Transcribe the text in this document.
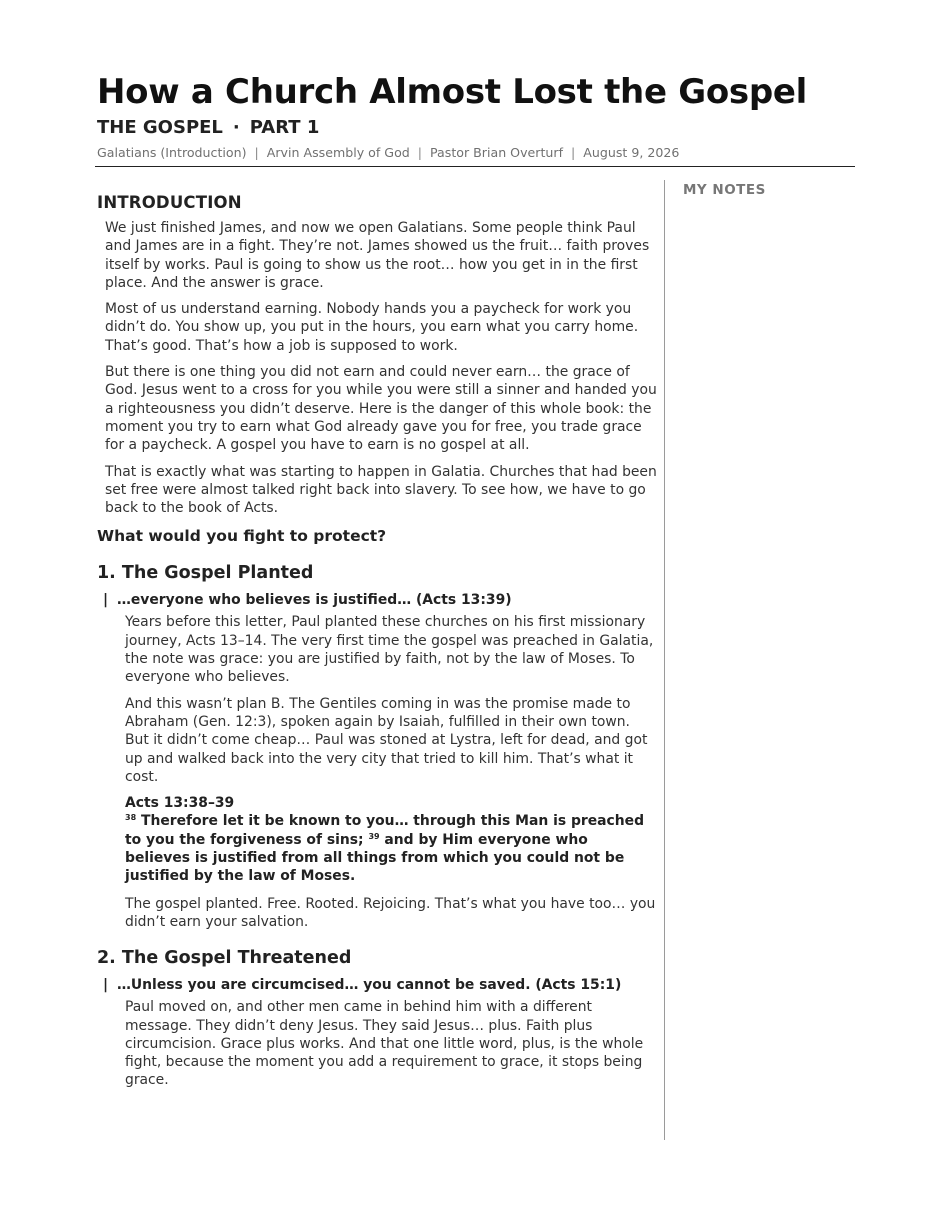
How a Church Almost Lost the Gospel
THE GOSPEL · PART 1
Galatians (Introduction) | Arvin Assembly of God | Pastor Brian Overturf | August 9, 2026
MY NOTES
INTRODUCTION

We just finished James, and now we open Galatians. Some people think Paul and James are in a fight. They’re not. James showed us the fruit… faith proves itself by works. Paul is going to show us the root… how you get in in the first place. And the answer is grace.

Most of us understand earning. Nobody hands you a paycheck for work you didn’t do. You show up, you put in the hours, you earn what you carry home. That’s good. That’s how a job is supposed to work.

But there is one thing you did not earn and could never earn… the grace of God. Jesus went to a cross for you while you were still a sinner and handed you a righteousness you didn’t deserve. Here is the danger of this whole book: the moment you try to earn what God already gave you for free, you trade grace for a paycheck. A gospel you have to earn is no gospel at all.

That is exactly what was starting to happen in Galatia. Churches that had been set free were almost talked right back into slavery. To see how, we have to go back to the book of Acts.

What would you fight to protect?
1. The Gospel Planted
| …everyone who believes is justified… (Acts 13:39)

Years before this letter, Paul planted these churches on his first missionary journey, Acts 13–14. The very first time the gospel was preached in Galatia, the note was grace: you are justified by faith, not by the law of Moses. To everyone who believes.

And this wasn’t plan B. The Gentiles coming in was the promise made to Abraham (Gen. 12:3), spoken again by Isaiah, fulfilled in their own town. But it didn’t come cheap… Paul was stoned at Lystra, left for dead, and got up and walked back into the very city that tried to kill him. That’s what it cost.

Acts 13:38–39
$^{38}$ Therefore let it be known to you… through this Man is preached to you the forgiveness of sins; $^{39}$ and by Him everyone who believes is justified from all things from which you could not be justified by the law of Moses.

The gospel planted. Free. Rooted. Rejoicing. That’s what you have too… you didn’t earn your salvation.

2. The Gospel Threatened
| …Unless you are circumcised… you cannot be saved. (Acts 15:1)

Paul moved on, and other men came in behind him with a different message. They didn’t deny Jesus. They said Jesus… plus. Faith plus circumcision. Grace plus works. And that one little word, plus, is the whole fight, because the moment you add a requirement to grace, it stops being grace.
